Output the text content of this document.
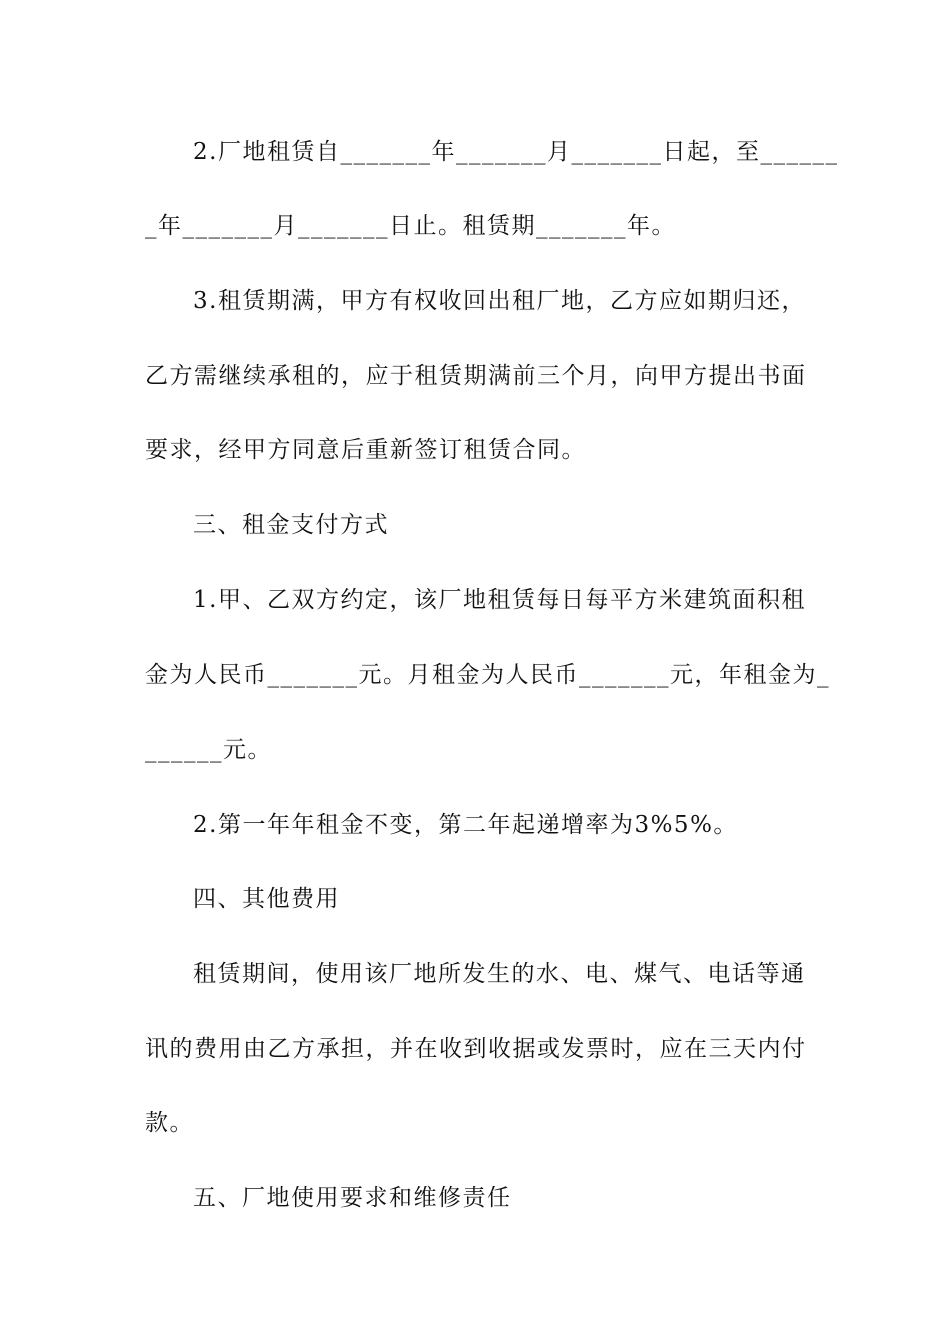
2.厂地租赁自_______年_______月_______日起，至______
_年_______月_______日止。租赁期_______年。
3.租赁期满，甲方有权收回出租厂地，乙方应如期归还，
乙方需继续承租的，应于租赁期满前三个月，向甲方提出书面
要求，经甲方同意后重新签订租赁合同。
三、租金支付方式
1.甲、乙双方约定，该厂地租赁每日每平方米建筑面积租
金为人民币_______元。月租金为人民币_______元，年租金为_
______元。
2.第一年年租金不变，第二年起递增率为3%5%。
四、其他费用
租赁期间，使用该厂地所发生的水、电、煤气、电话等通
讯的费用由乙方承担，并在收到收据或发票时，应在三天内付
款。
五、厂地使用要求和维修责任
